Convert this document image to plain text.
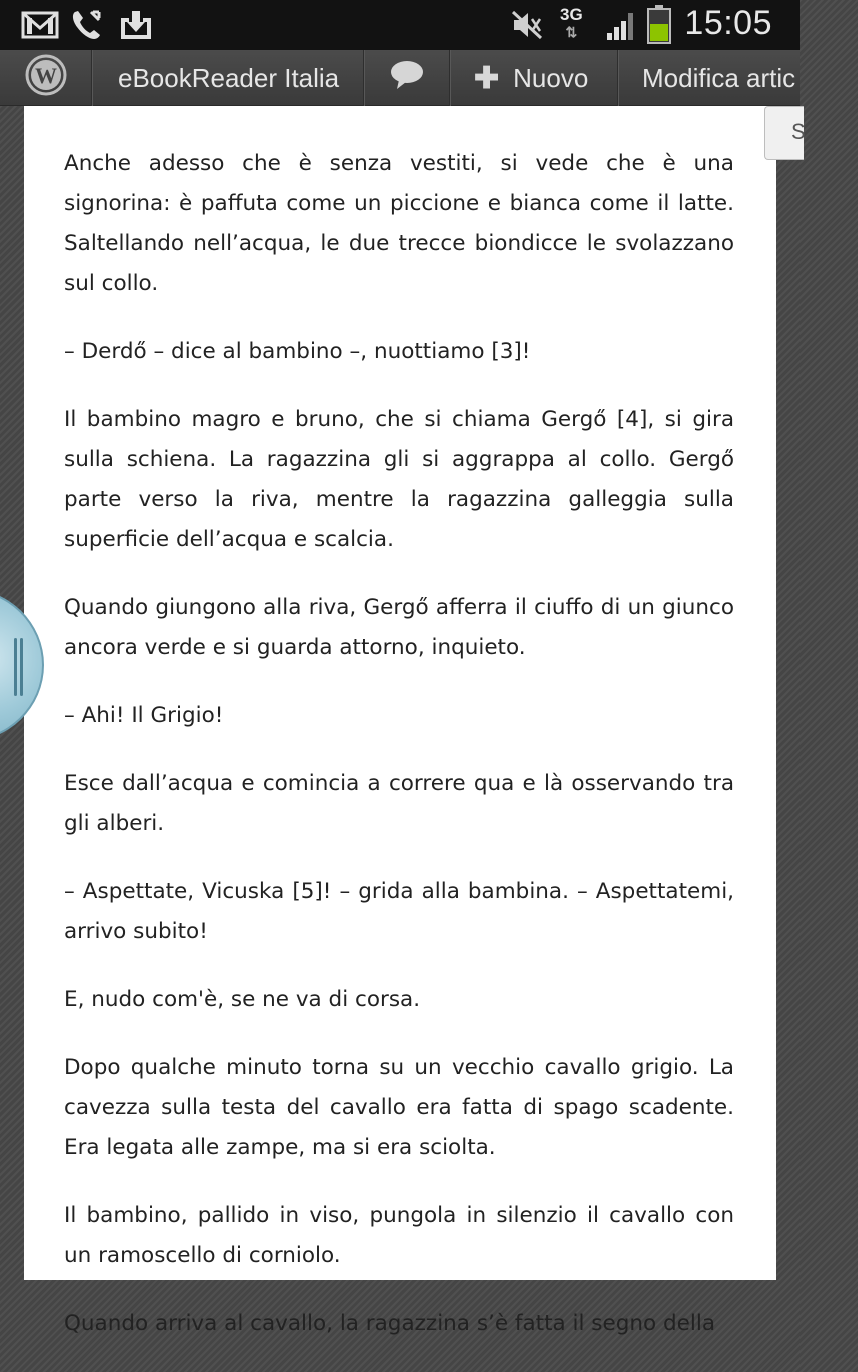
3G
⇅	15:05
W eBookReader Italia	✚ Nuovo Modifica artic

Anche adesso che è senza vestiti, si vede che è una signorina: è paffuta come un piccione e bianca come il latte. Saltellando nell’acqua, le due trecce biondicce le svolazzano sul collo.

– Derdő – dice al bambino –, nuottiamo [3]!

Il bambino magro e bruno, che si chiama Gergő [4], si gira sulla schiena. La ragazzina gli si aggrappa al collo. Gergő parte verso la riva, mentre la ragazzina galleggia sulla superficie dell’acqua e scalcia.

Quando giungono alla riva, Gergő afferra il ciuffo di un giunco ancora verde e si guarda attorno, inquieto.

– Ahi! Il Grigio!

Esce dall’acqua e comincia a correre qua e là osservando tra gli alberi.

– Aspettate, Vicuska [5]! – grida alla bambina. – Aspettatemi, arrivo subito!

E, nudo com'è, se ne va di corsa.

Dopo qualche minuto torna su un vecchio cavallo grigio. La cavezza sulla testa del cavallo era fatta di spago scadente. Era legata alle zampe, ma si era sciolta.

Il bambino, pallido in viso, pungola in silenzio il cavallo con un ramoscello di corniolo.

Quando arriva al cavallo, la ragazzina s’è fatta il segno della

S
